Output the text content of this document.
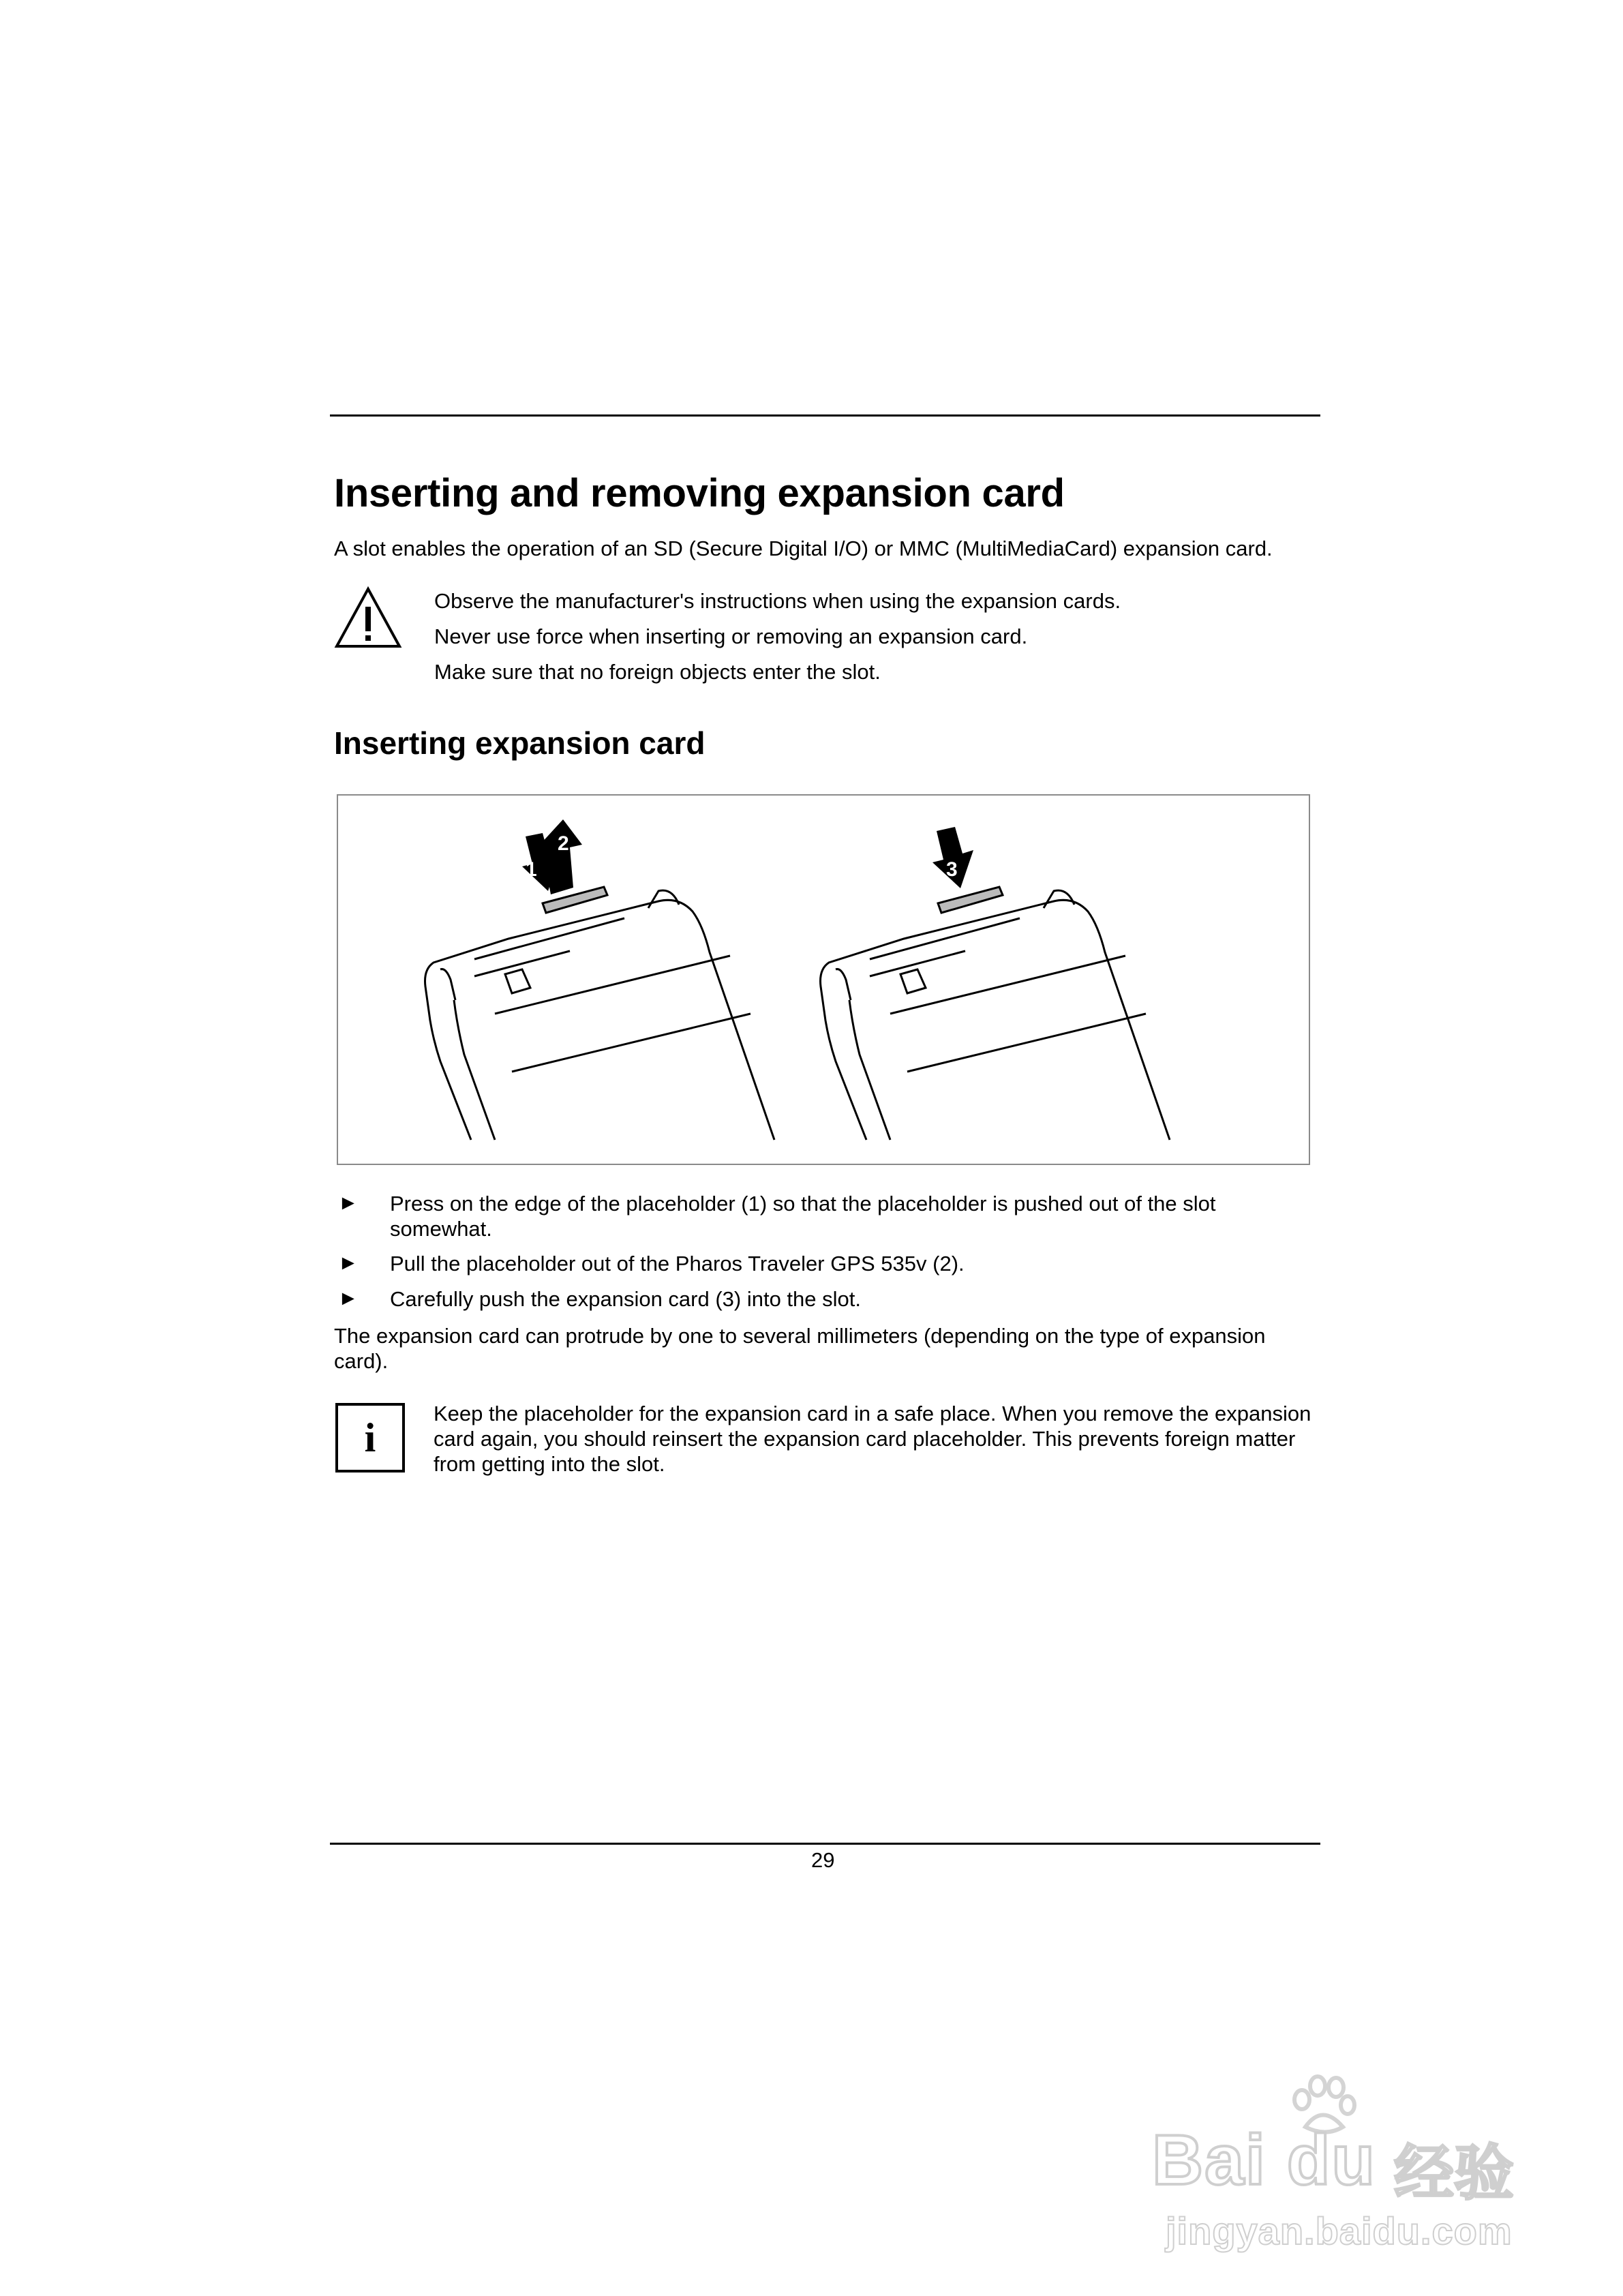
Inserting and removing expansion card
A slot enables the operation of an SD (Secure Digital I/O) or MMC (MultiMediaCard) expansion card.
Observe the manufacturer's instructions when using the expansion cards.
Never use force when inserting or removing an expansion card.
Make sure that no foreign objects enter the slot.
Inserting expansion card
1
2
3
► Press on the edge of the placeholder (1) so that the placeholder is pushed out of the slot somewhat.
► Pull the placeholder out of the Pharos Traveler GPS 535v (2).
► Carefully push the expansion card (3) into the slot.
The expansion card can protrude by one to several millimeters (depending on the type of expansion card).
i
Keep the placeholder for the expansion card in a safe place. When you remove the expansion card again, you should reinsert the expansion card placeholder. This prevents foreign matter from getting into the slot.
29
Bai du 经验
jingyan.baidu.com
